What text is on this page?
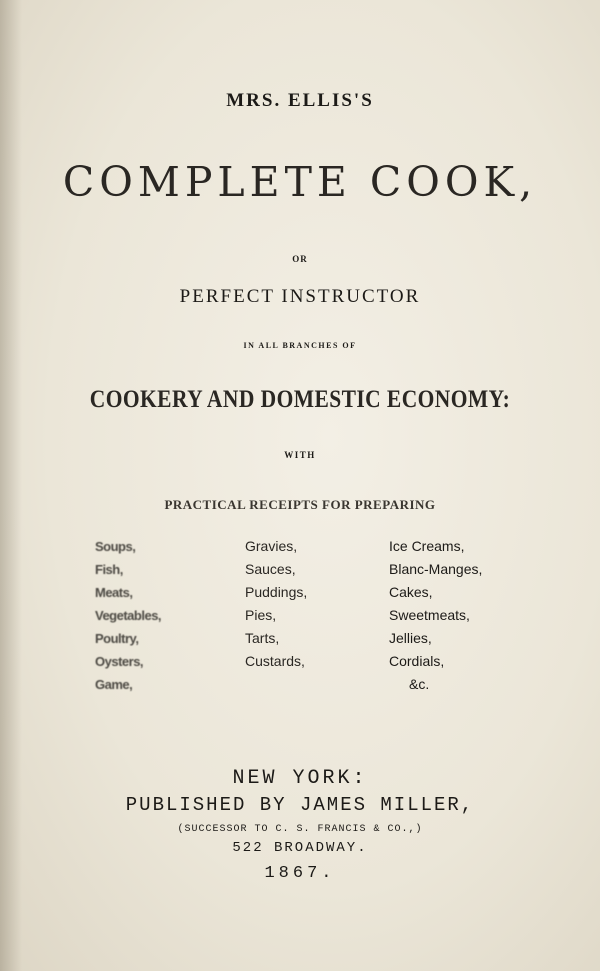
MRS. ELLIS'S
COMPLETE COOK,
OR
PERFECT INSTRUCTOR
IN ALL BRANCHES OF
COOKERY AND DOMESTIC ECONOMY:
WITH
PRACTICAL RECEIPTS FOR PREPARING
Soups,
Fish,
Meats,
Vegetables,
Poultry,
Oysters,
Game,
Gravies,
Sauces,
Puddings,
Pies,
Tarts,
Custards,
Ice Creams,
Blanc-Manges,
Cakes,
Sweetmeats,
Jellies,
Cordials,
&c.
NEW YORK:
PUBLISHED BY JAMES MILLER,
(SUCCESSOR TO C. S. FRANCIS & CO.,)
522 BROADWAY.
1867.
